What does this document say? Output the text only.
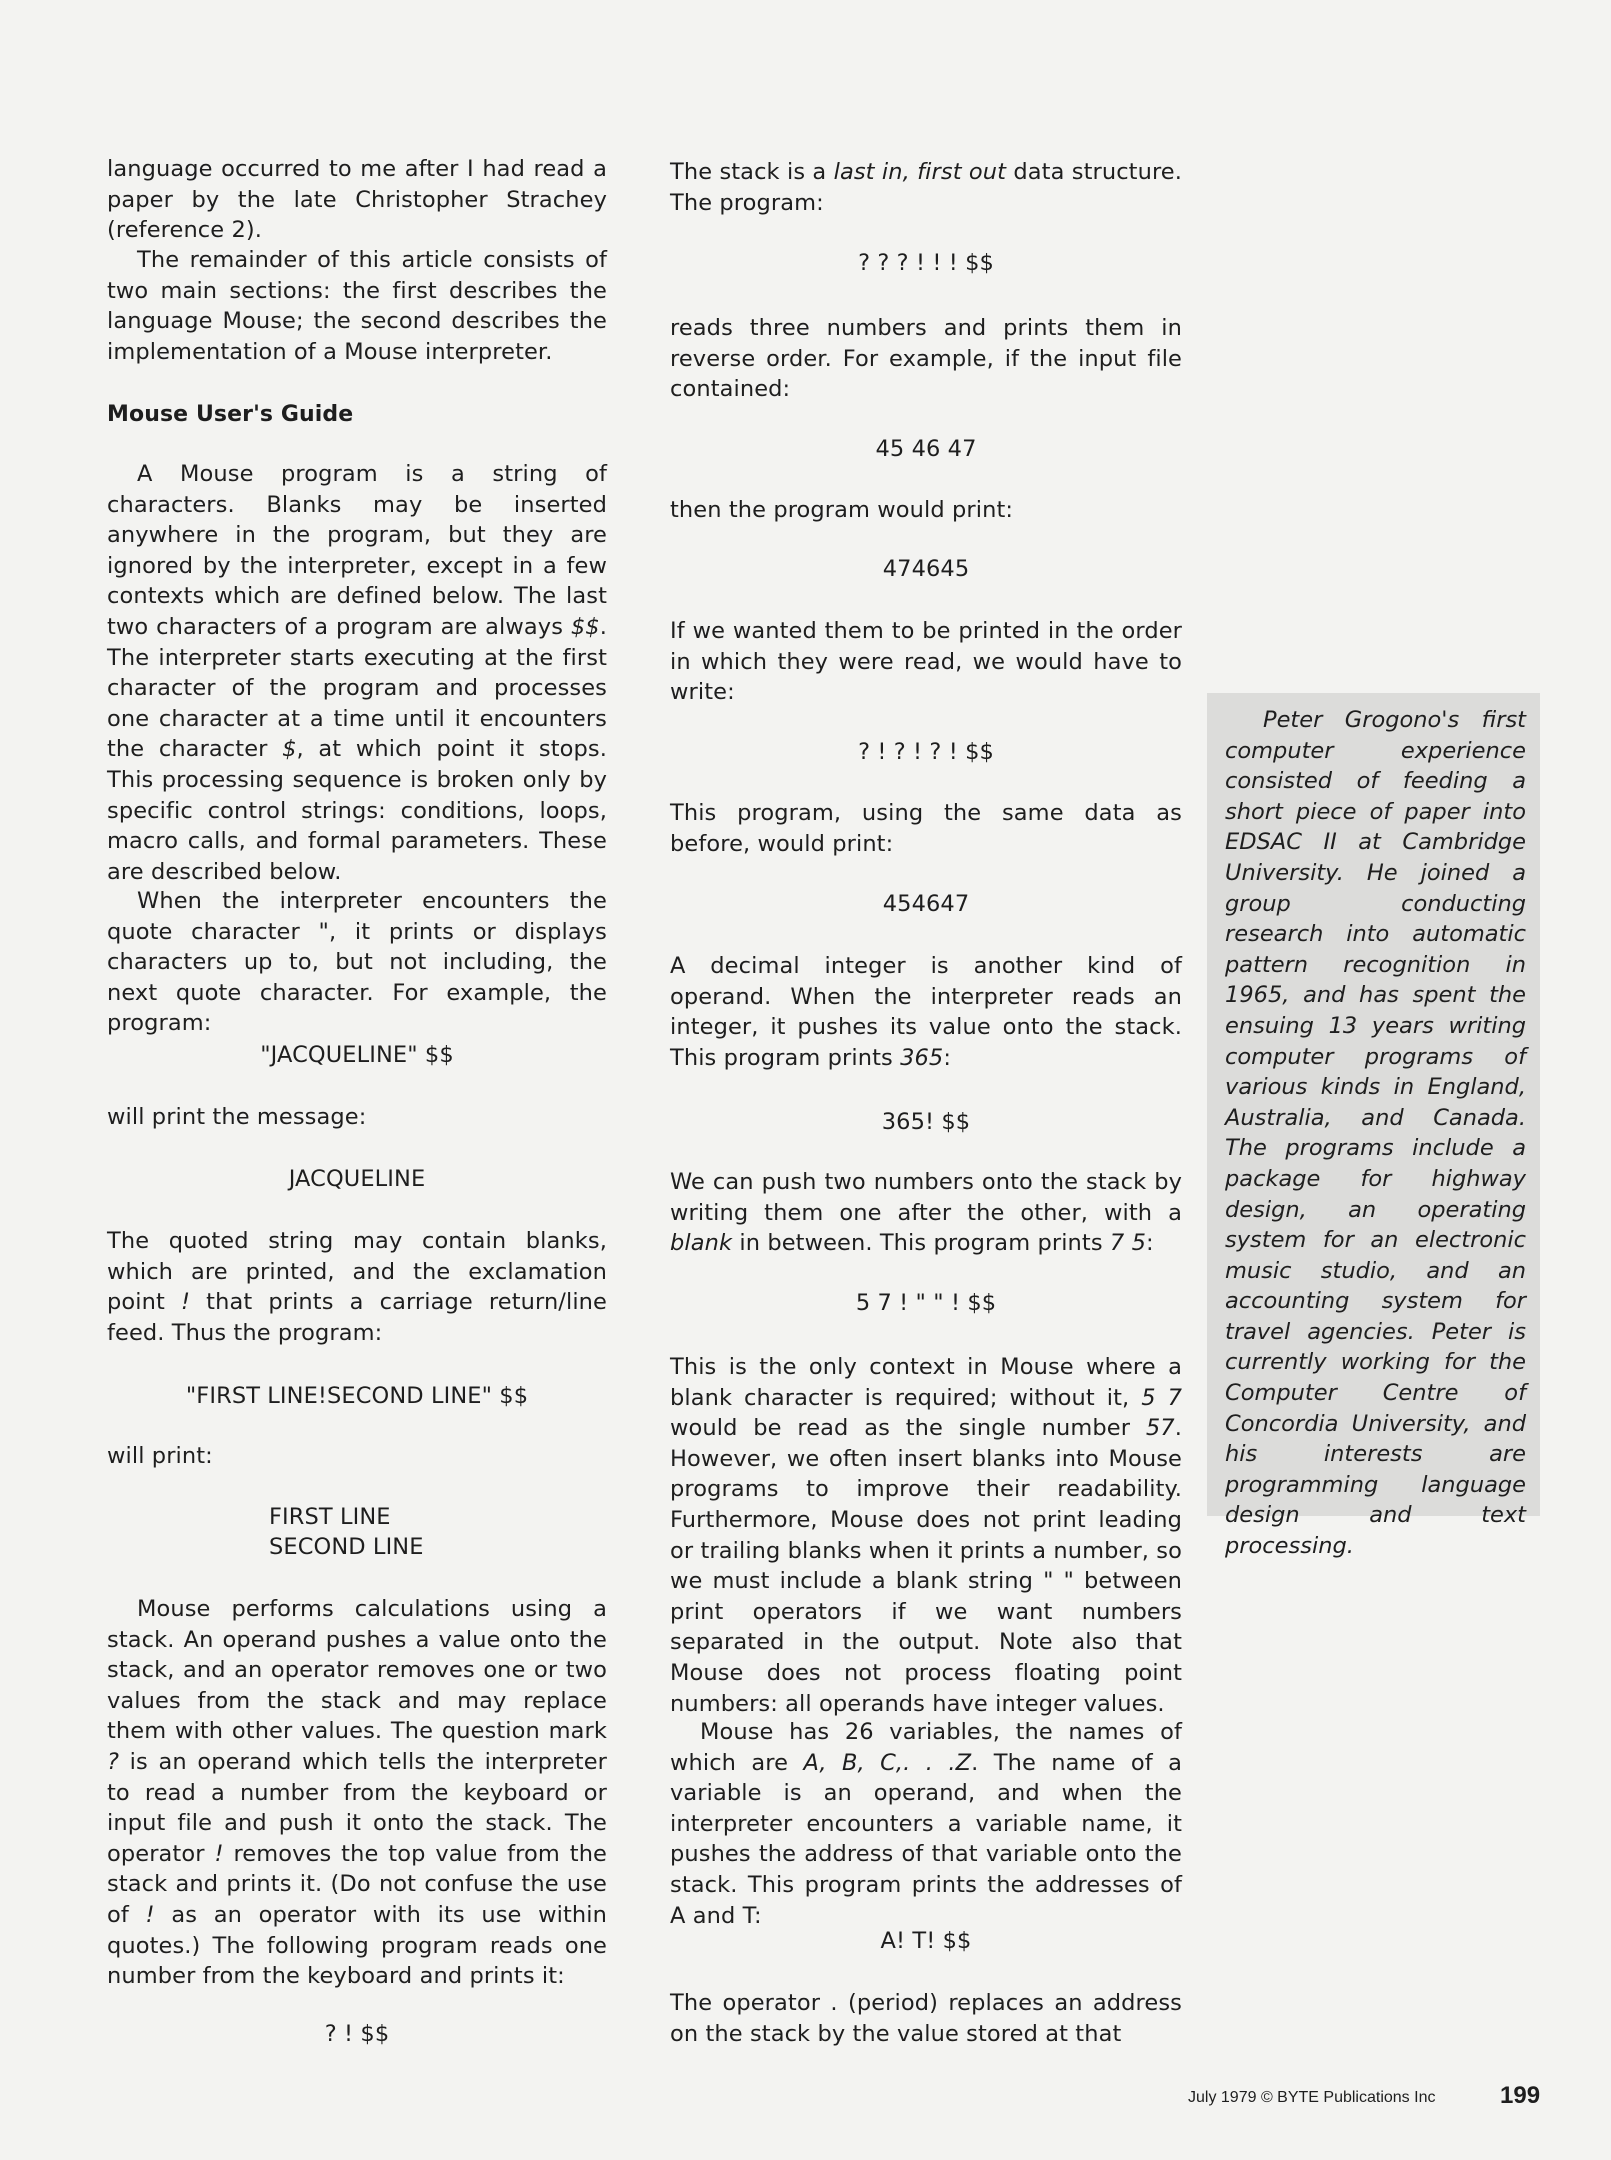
language occurred to me after I had read a paper by the late Christopher Strachey (reference 2).
The remainder of this article consists of two main sections: the first describes the language Mouse; the second describes the implementation of a Mouse interpreter.
Mouse User's Guide
A Mouse program is a string of characters. Blanks may be inserted anywhere in the program, but they are ignored by the interpreter, except in a few contexts which are defined below. The last two characters of a program are always $$. The interpreter starts executing at the first character of the program and processes one character at a time until it encounters the character $, at which point it stops. This processing sequence is broken only by specific control strings: conditions, loops, macro calls, and formal parameters. These are described below.
When the interpreter encounters the quote character ", it prints or displays characters up to, but not including, the next quote character. For example, the program:
"JACQUELINE" $$
will print the message:
JACQUELINE
The quoted string may contain blanks, which are printed, and the exclamation point ! that prints a carriage return/line feed. Thus the program:
"FIRST LINE!SECOND LINE" $$
will print:
FIRST LINE
SECOND LINE
Mouse performs calculations using a stack. An operand pushes a value onto the stack, and an operator removes one or two values from the stack and may replace them with other values. The question mark ? is an operand which tells the interpreter to read a number from the keyboard or input file and push it onto the stack. The operator ! removes the top value from the stack and prints it. (Do not confuse the use of ! as an operator with its use within quotes.) The following program reads one number from the keyboard and prints it:
? ! $$
The stack is a last in, first out data structure. The program:
? ? ? ! ! ! $$
reads three numbers and prints them in reverse order. For example, if the input file contained:
45 46 47
then the program would print:
474645
If we wanted them to be printed in the order in which they were read, we would have to write:
? ! ? ! ? ! $$
This program, using the same data as before, would print:
454647
A decimal integer is another kind of operand. When the interpreter reads an integer, it pushes its value onto the stack. This program prints 365:
365! $$
We can push two numbers onto the stack by writing them one after the other, with a blank in between. This program prints 7 5:
5 7 ! " " ! $$
This is the only context in Mouse where a blank character is required; without it, 5 7 would be read as the single number 57. However, we often insert blanks into Mouse programs to improve their readability. Furthermore, Mouse does not print leading or trailing blanks when it prints a number, so we must include a blank string " " between print operators if we want numbers separated in the output. Note also that Mouse does not process floating point numbers: all operands have integer values.
Mouse has 26 variables, the names of which are A, B, C,. . .Z. The name of a variable is an operand, and when the interpreter encounters a variable name, it pushes the address of that variable onto the stack. This program prints the addresses of A and T:
A! T! $$
The operator . (period) replaces an address on the stack by the value stored at that

Peter Grogono's first computer experience consisted of feeding a short piece of paper into EDSAC II at Cambridge University. He joined a group conducting research into automatic pattern recognition in 1965, and has spent the ensuing 13 years writing computer programs of various kinds in England, Australia, and Canada. The programs include a package for highway design, an operating system for an electronic music studio, and an accounting system for travel agencies. Peter is currently working for the Computer Centre of Concordia University, and his interests are programming language design and text processing.

July 1979 © BYTE Publications Inc	199
